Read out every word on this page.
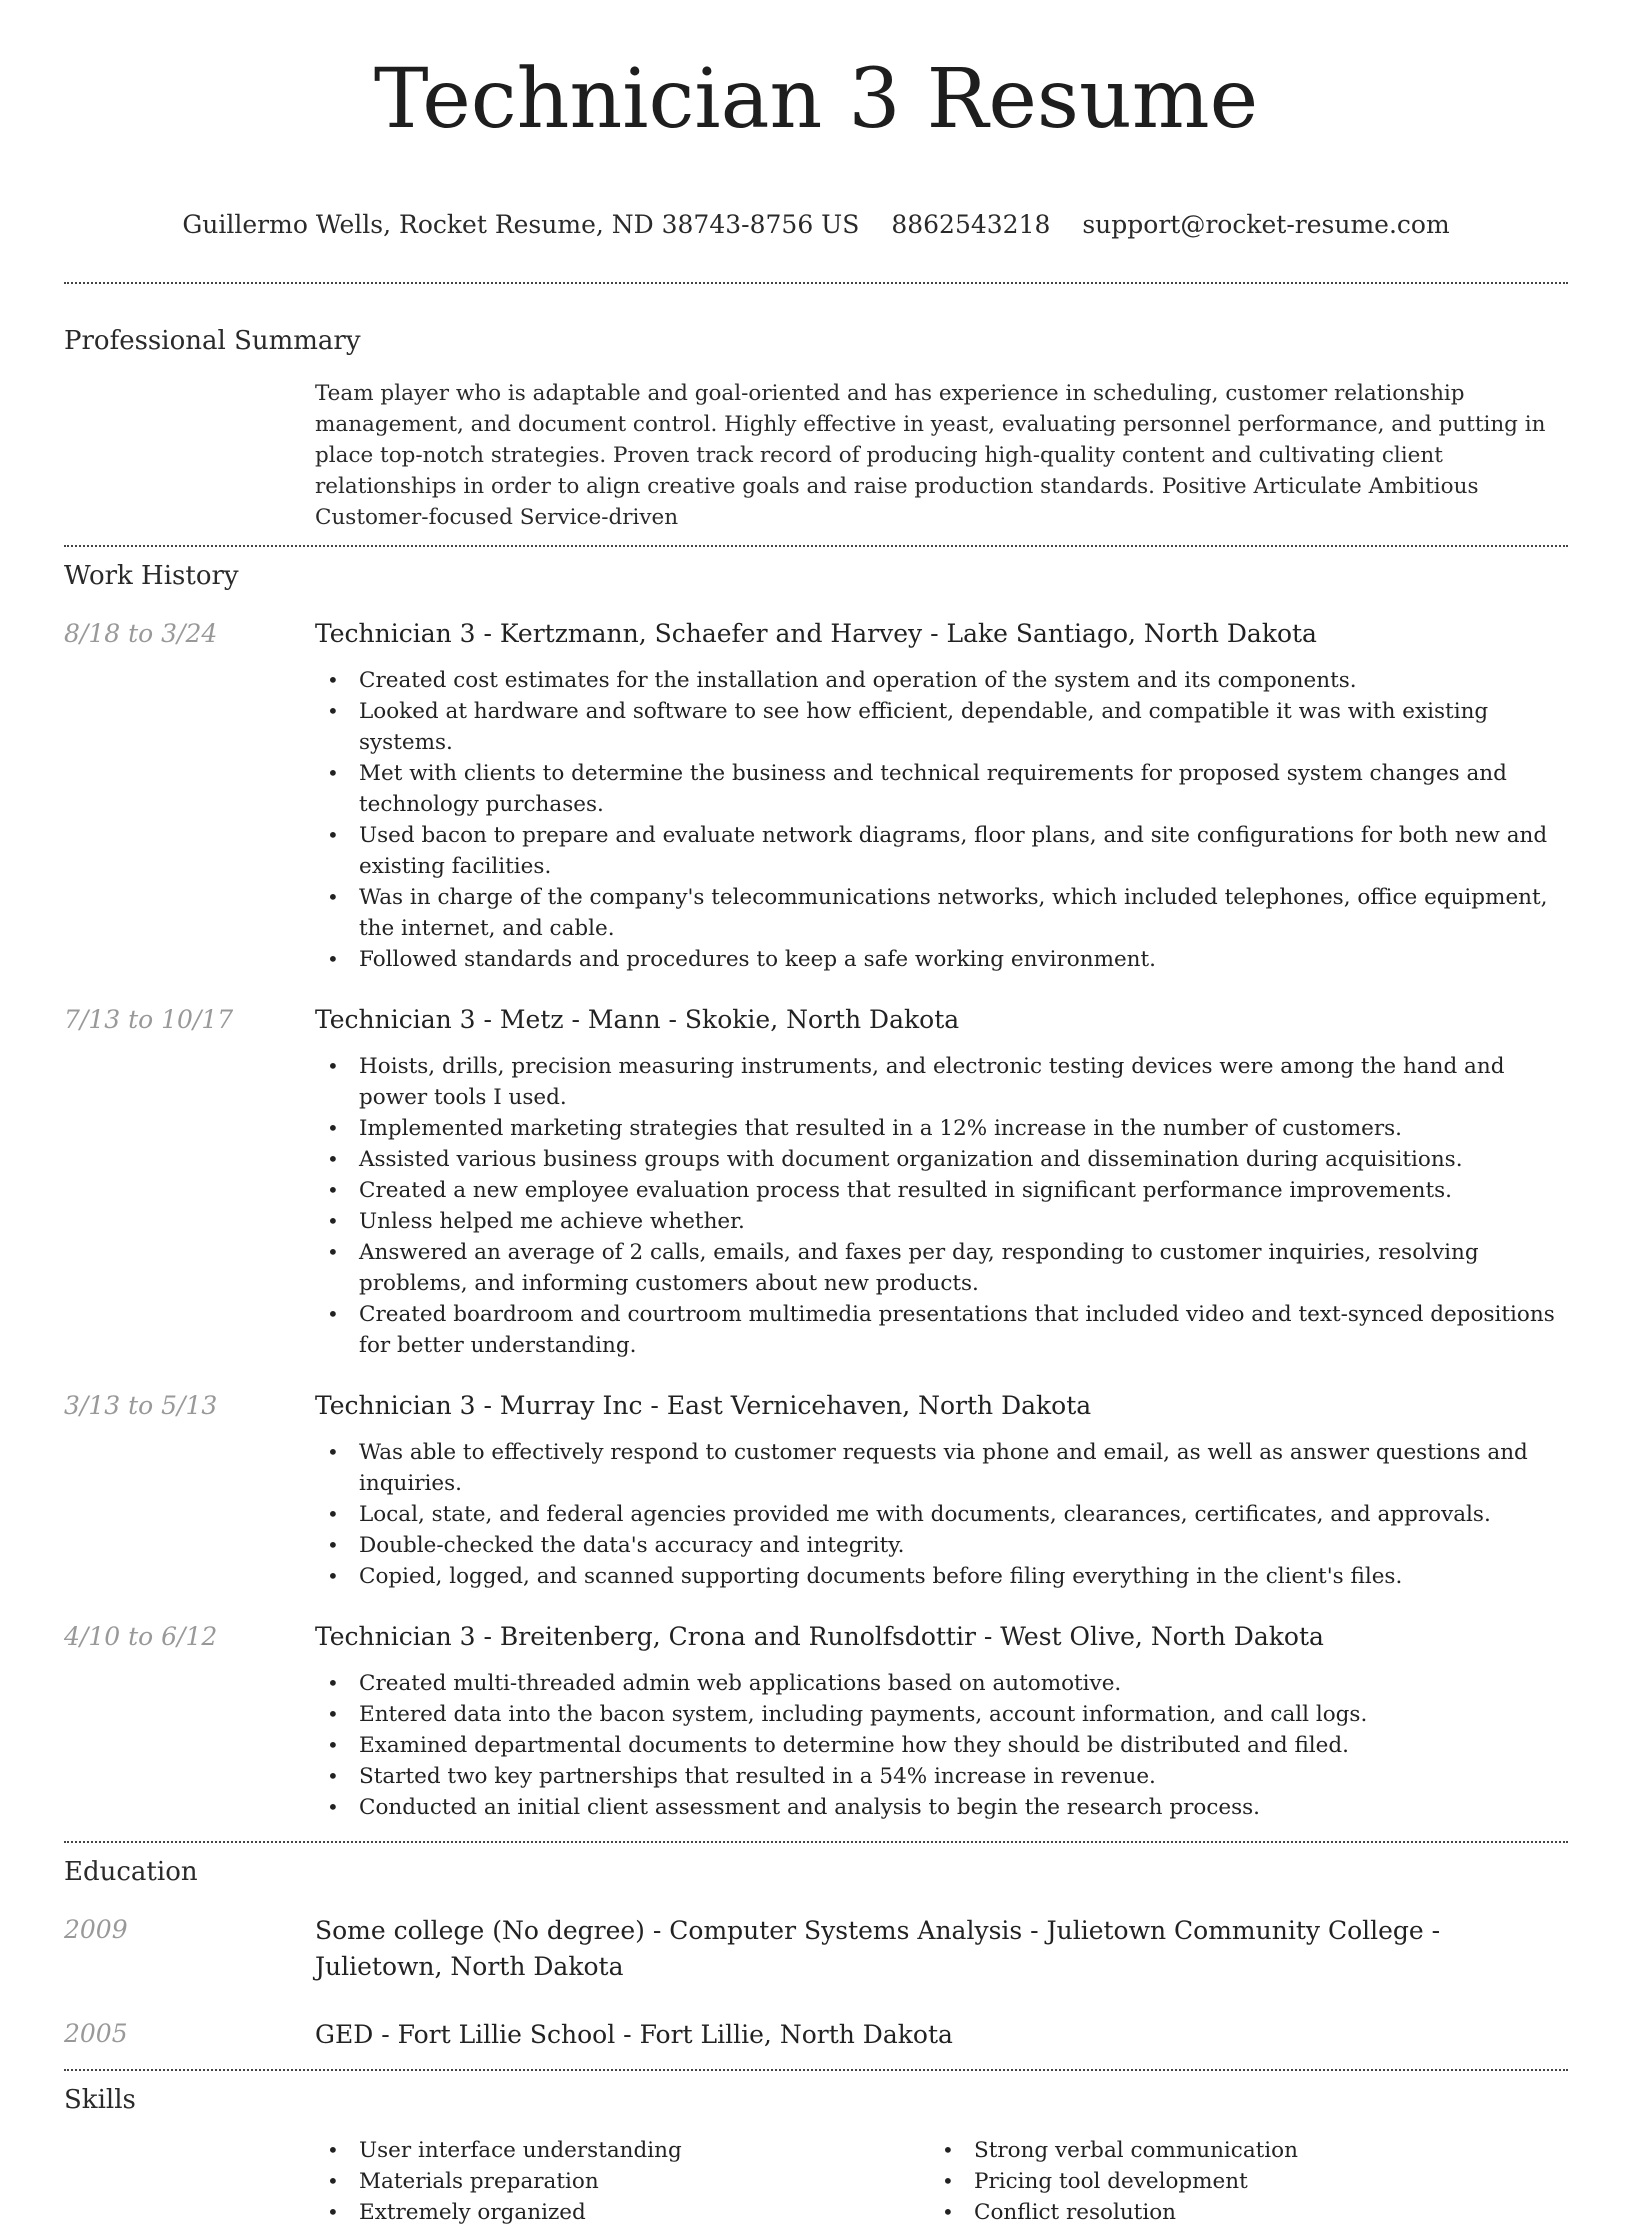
Technician 3 Resume
Guillermo Wells, Rocket Resume, ND 38743-8756 US 8862543218 support@rocket-resume.com
Professional Summary
Team player who is adaptable and goal-oriented and has experience in scheduling, customer relationship management, and document control. Highly effective in yeast, evaluating personnel performance, and putting in place top-notch strategies. Proven track record of producing high-quality content and cultivating client relationships in order to align creative goals and raise production standards. Positive Articulate Ambitious Customer-focused Service-driven
Work History
8/18 to 3/24	Technician 3 - Kertzmann, Schaefer and Harvey - Lake Santiago, North Dakota
• Created cost estimates for the installation and operation of the system and its components.
• Looked at hardware and software to see how efficient, dependable, and compatible it was with existing systems.
• Met with clients to determine the business and technical requirements for proposed system changes and technology purchases.
• Used bacon to prepare and evaluate network diagrams, floor plans, and site configurations for both new and existing facilities.
• Was in charge of the company's telecommunications networks, which included telephones, office equipment, the internet, and cable.
• Followed standards and procedures to keep a safe working environment.
7/13 to 10/17	Technician 3 - Metz - Mann - Skokie, North Dakota
• Hoists, drills, precision measuring instruments, and electronic testing devices were among the hand and power tools I used.
• Implemented marketing strategies that resulted in a 12% increase in the number of customers.
• Assisted various business groups with document organization and dissemination during acquisitions.
• Created a new employee evaluation process that resulted in significant performance improvements.
• Unless helped me achieve whether.
• Answered an average of 2 calls, emails, and faxes per day, responding to customer inquiries, resolving problems, and informing customers about new products.
• Created boardroom and courtroom multimedia presentations that included video and text-synced depositions for better understanding.
3/13 to 5/13	Technician 3 - Murray Inc - East Vernicehaven, North Dakota
• Was able to effectively respond to customer requests via phone and email, as well as answer questions and inquiries.
• Local, state, and federal agencies provided me with documents, clearances, certificates, and approvals.
• Double-checked the data's accuracy and integrity.
• Copied, logged, and scanned supporting documents before filing everything in the client's files.
4/10 to 6/12	Technician 3 - Breitenberg, Crona and Runolfsdottir - West Olive, North Dakota
• Created multi-threaded admin web applications based on automotive.
• Entered data into the bacon system, including payments, account information, and call logs.
• Examined departmental documents to determine how they should be distributed and filed.
• Started two key partnerships that resulted in a 54% increase in revenue.
• Conducted an initial client assessment and analysis to begin the research process.
Education
2009	Some college (No degree) - Computer Systems Analysis - Julietown Community College - Julietown, North Dakota
2005	GED - Fort Lillie School - Fort Lillie, North Dakota
Skills
• User interface understanding
• Materials preparation
• Extremely organized
• Strong verbal communication
• Pricing tool development
• Conflict resolution
